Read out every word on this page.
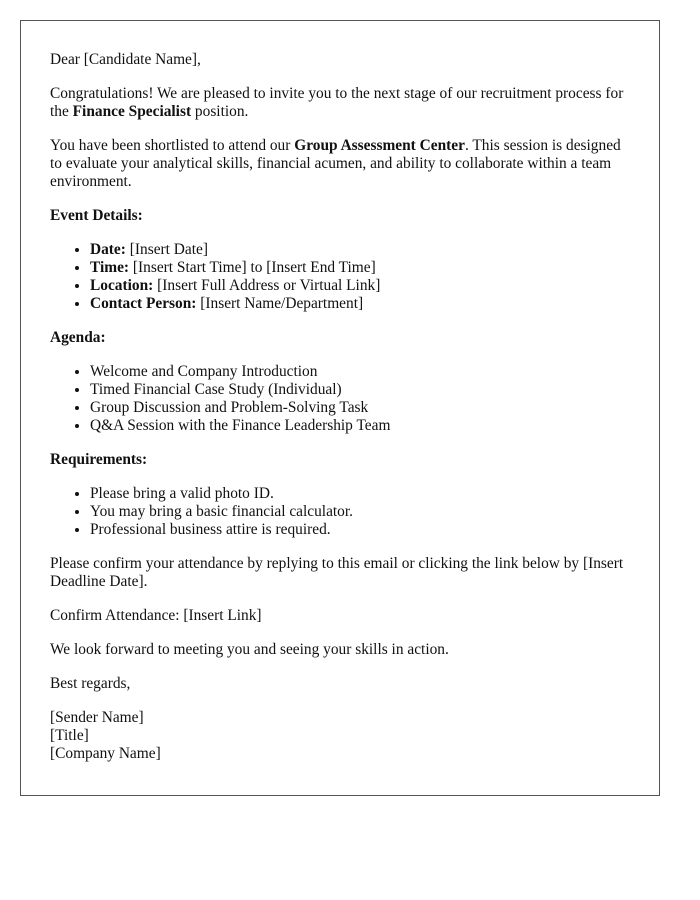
Dear [Candidate Name],

Congratulations! We are pleased to invite you to the next stage of our recruitment process for the Finance Specialist position.

You have been shortlisted to attend our Group Assessment Center. This session is designed to evaluate your analytical skills, financial acumen, and ability to collaborate within a team environment.

Event Details:

• Date: [Insert Date]
• Time: [Insert Start Time] to [Insert End Time]
• Location: [Insert Full Address or Virtual Link]
• Contact Person: [Insert Name/Department]

Agenda:

• Welcome and Company Introduction
• Timed Financial Case Study (Individual)
• Group Discussion and Problem-Solving Task
• Q&A Session with the Finance Leadership Team

Requirements:

• Please bring a valid photo ID.
• You may bring a basic financial calculator.
• Professional business attire is required.

Please confirm your attendance by replying to this email or clicking the link below by [Insert Deadline Date].

Confirm Attendance: [Insert Link]

We look forward to meeting you and seeing your skills in action.

Best regards,

[Sender Name]
[Title]
[Company Name]
